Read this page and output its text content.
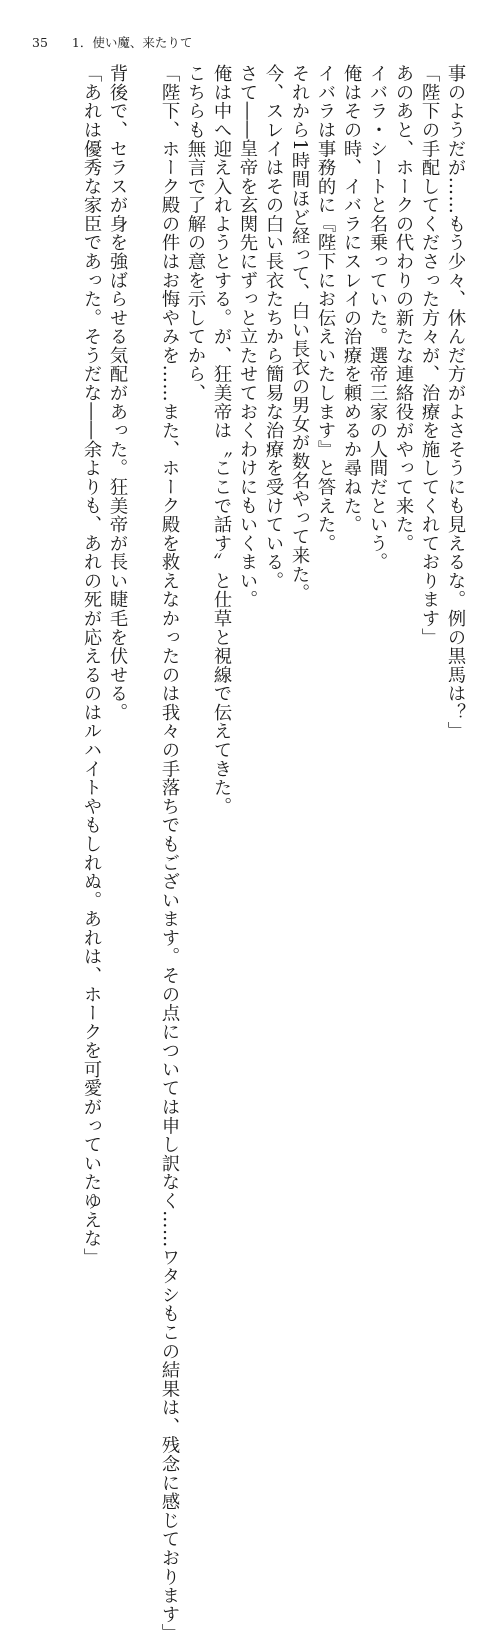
35 1．使い魔、来たりて
事のようだが……もう少々、休んだ方がよさそうにも見えるな。例の黒馬は？」
「陛下の手配してくださった方々が、治療を施してくれております」
あのあと、ホークの代わりの新たな連絡役がやって来た。
イバラ・シートと名乗っていた。選帝三家の人間だという。
俺はその時、イバラにスレイの治療を頼めるか尋ねた。
イバラは事務的に『陛下にお伝えいたします』と答えた。
それから1時間ほど経って、白い長衣の男女が数名やって来た。
今、スレイはその白い長衣たちから簡易な治療を受けている。
さて――皇帝を玄関先にずっと立たせておくわけにもいくまい。
俺は中へ迎え入れようとする。が、狂美帝は〝ここで話す〟と仕草と視線で伝えてきた。
こちらも無言で了解の意を示してから、
「陛下、ホーク殿の件はお悔やみを……また、ホーク殿を救えなかったのは我々の手落ちでもございます。その点については申し訳なく……ワタシもこの結果は、残念に感じております」
背後で、セラスが身を強ばらせる気配があった。狂美帝が長い睫毛を伏せる。
「あれは優秀な家臣であった。そうだな――余よりも、あれの死が応えるのはルハイトやもしれぬ。あれは、ホークを可愛がっていたゆえな」
